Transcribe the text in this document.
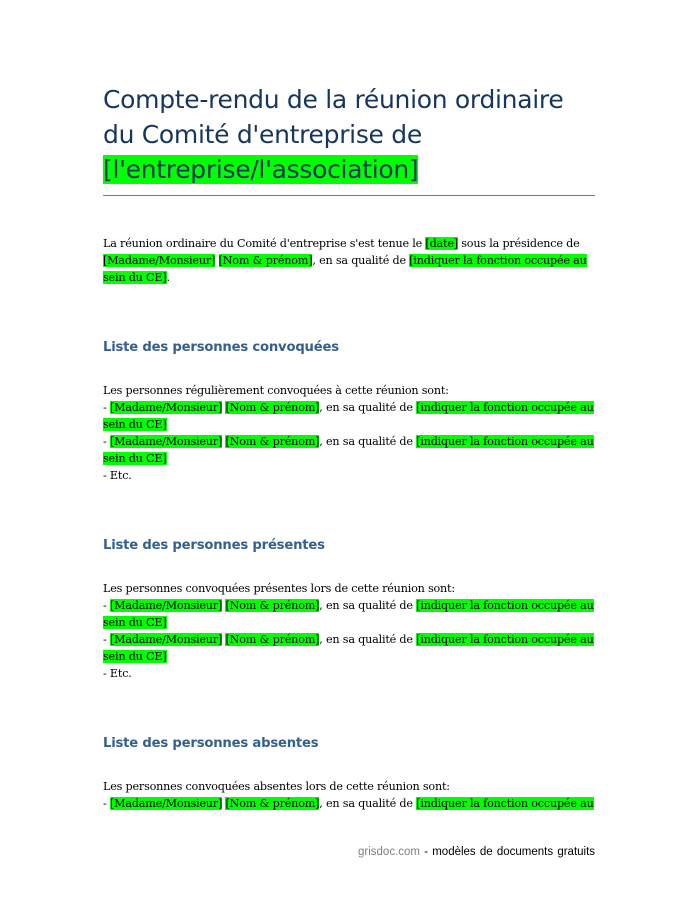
Compte-rendu de la réunion ordinaire
du Comité d'entreprise de
[l'entreprise/l'association]
La réunion ordinaire du Comité d'entreprise s'est tenue le [date] sous la présidence de
[Madame/Monsieur] [Nom & prénom], en sa qualité de [indiquer la fonction occupée au
sein du CE].
Liste des personnes convoquées
Les personnes régulièrement convoquées à cette réunion sont:
- [Madame/Monsieur] [Nom & prénom], en sa qualité de [indiquer la fonction occupée au
sein du CE]
- [Madame/Monsieur] [Nom & prénom], en sa qualité de [indiquer la fonction occupée au
sein du CE]
- Etc.
Liste des personnes présentes
Les personnes convoquées présentes lors de cette réunion sont:
- [Madame/Monsieur] [Nom & prénom], en sa qualité de [indiquer la fonction occupée au
sein du CE]
- [Madame/Monsieur] [Nom & prénom], en sa qualité de [indiquer la fonction occupée au
sein du CE]
- Etc.
Liste des personnes absentes
Les personnes convoquées absentes lors de cette réunion sont:
- [Madame/Monsieur] [Nom & prénom], en sa qualité de [indiquer la fonction occupée au
grisdoc.com - modèles de documents gratuits
